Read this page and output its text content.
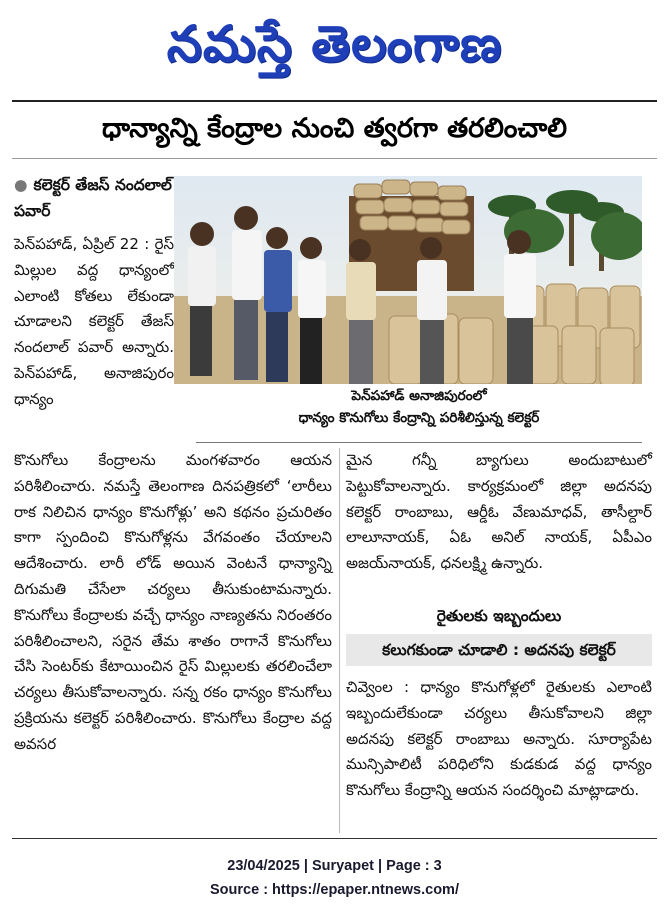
నమస్తే తెలంగాణ
ధాన్యాన్ని కేంద్రాల నుంచి త్వరగా తరలించాలి
● కలెక్టర్ తేజస్ నందలాల్ పవార్
పెన్‌పహాడ్, ఏప్రిల్ 22 : రైస్ మిల్లుల వద్ద ధాన్యంలో ఎలాంటి కోతలు లేకుండా చూడాలని కలెక్టర్ తేజస్ నందలాల్ పవార్ అన్నారు. పెన్‌పహాడ్, అనాజిపురం ధాన్యం	పెన్‌పహాడ్ అనాజిపురంలో
ధాన్యం కొనుగోలు కేంద్రాన్ని పరిశీలిస్తున్న కలెక్టర్
కొనుగోలు కేంద్రాలను మంగళవారం ఆయన పరిశీలించారు. నమస్తే తెలంగాణ దినపత్రికలో ‘లారీలు రాక నిలిచిన ధాన్యం కొనుగోళ్లు’ అని కథనం ప్రచురితం కాగా స్పందించి కొనుగోళ్లను వేగవంతం చేయాలని ఆదేశించారు. లారీ లోడ్ అయిన వెంటనే ధాన్యాన్ని దిగుమతి చేసేలా చర్యలు తీసుకుంటామన్నారు. కొనుగోలు కేంద్రాలకు వచ్చే ధాన్యం నాణ్యతను నిరంతరం పరిశీలించాలని, సరైన తేమ శాతం రాగానే కొనుగోలు చేసి సెంటర్‌కు కేటాయించిన రైస్ మిల్లులకు తరలించేలా చర్యలు తీసుకోవాలన్నారు. సన్న రకం ధాన్యం కొనుగోలు ప్రక్రియను కలెక్టర్ పరిశీలించారు. కొనుగోలు కేంద్రాల వద్ద అవసర
మైన గన్నీ బ్యాగులు అందుబాటులో పెట్టుకోవాలన్నారు. కార్యక్రమంలో జిల్లా అదనపు కలెక్టర్ రాంబాబు, ఆర్డీఓ వేణుమాధవ్, తాసీల్దార్ లాలూనాయక్, ఏఓ అనిల్ నాయక్, ఏపీఎం అజయ్‌నాయక్, ధనలక్ష్మి ఉన్నారు.
రైతులకు ఇబ్బందులు
కలుగకుండా చూడాలి : అదనపు కలెక్టర్
చివ్వెంల : ధాన్యం కొనుగోళ్లలో రైతులకు ఎలాంటి ఇబ్బందులేకుండా చర్యలు తీసుకోవాలని జిల్లా అదనపు కలెక్టర్ రాంబాబు అన్నారు. సూర్యాపేట మున్సిపాలిటీ పరిధిలోని కుడకుడ వద్ద ధాన్యం కొనుగోలు కేంద్రాన్ని ఆయన సందర్శించి మాట్లాడారు.
23/04/2025 | Suryapet | Page : 3
Source : https://epaper.ntnews.com/
